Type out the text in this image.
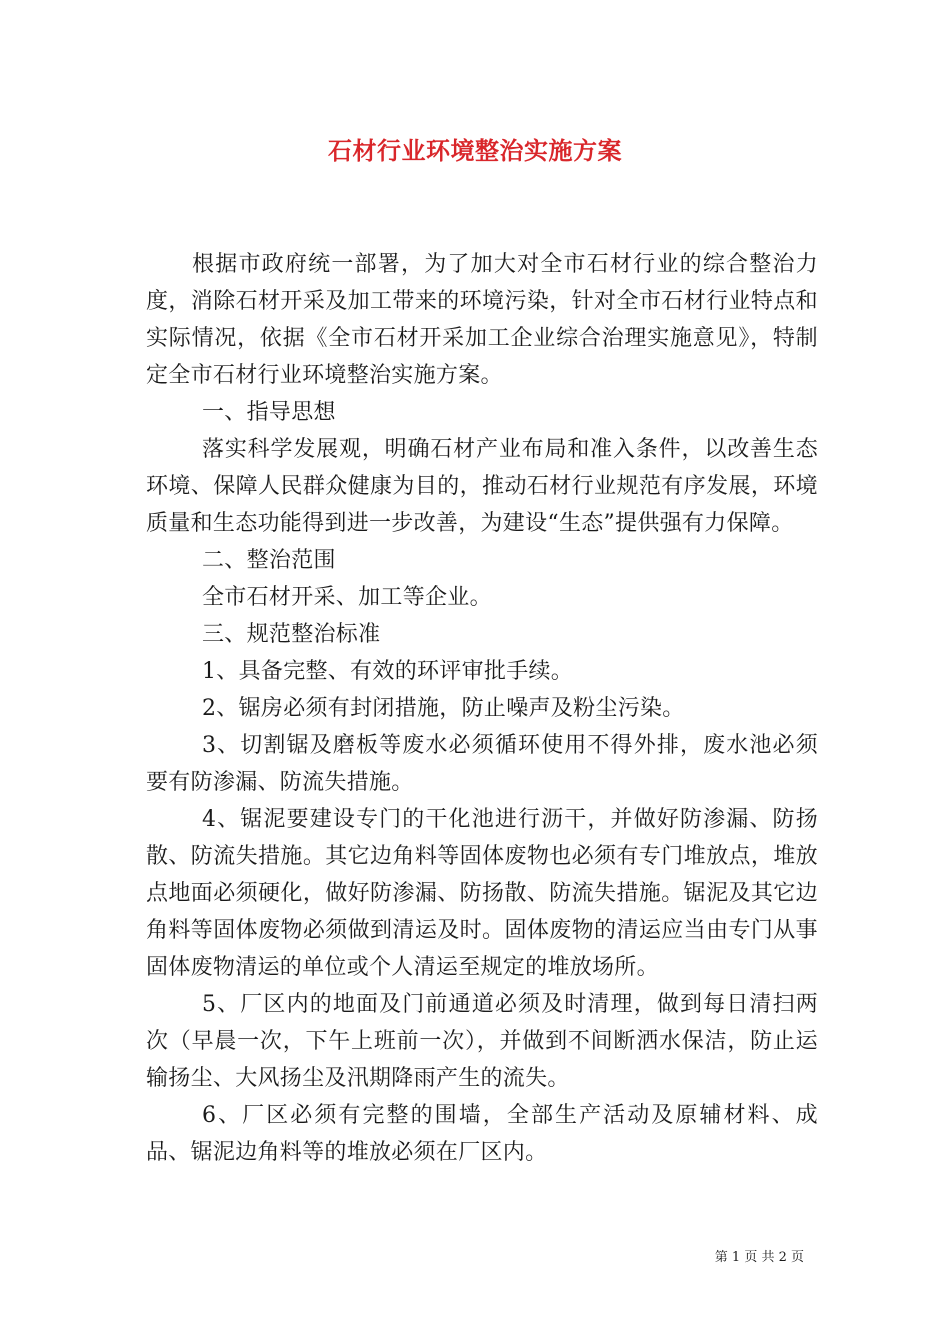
石材行业环境整治实施方案

根据市政府统一部署，为了加大对全市石材行业的综合整治力度，消除石材开采及加工带来的环境污染，针对全市石材行业特点和实际情况，依据《全市石材开采加工企业综合治理实施意见》，特制定全市石材行业环境整治实施方案。

一、指导思想

落实科学发展观，明确石材产业布局和准入条件，以改善生态环境、保障人民群众健康为目的，推动石材行业规范有序发展，环境质量和生态功能得到进一步改善，为建设“生态”提供强有力保障。

二、整治范围

全市石材开采、加工等企业。

三、规范整治标准

1、具备完整、有效的环评审批手续。

2、锯房必须有封闭措施，防止噪声及粉尘污染。

3、切割锯及磨板等废水必须循环使用不得外排，废水池必须要有防渗漏、防流失措施。

4、锯泥要建设专门的干化池进行沥干，并做好防渗漏、防扬散、防流失措施。其它边角料等固体废物也必须有专门堆放点，堆放点地面必须硬化，做好防渗漏、防扬散、防流失措施。锯泥及其它边角料等固体废物必须做到清运及时。固体废物的清运应当由专门从事固体废物清运的单位或个人清运至规定的堆放场所。

5、厂区内的地面及门前通道必须及时清理，做到每日清扫两次（早晨一次，下午上班前一次），并做到不间断洒水保洁，防止运输扬尘、大风扬尘及汛期降雨产生的流失。

6、厂区必须有完整的围墙，全部生产活动及原辅材料、成品、锯泥边角料等的堆放必须在厂区内。

第 1 页 共 2 页
